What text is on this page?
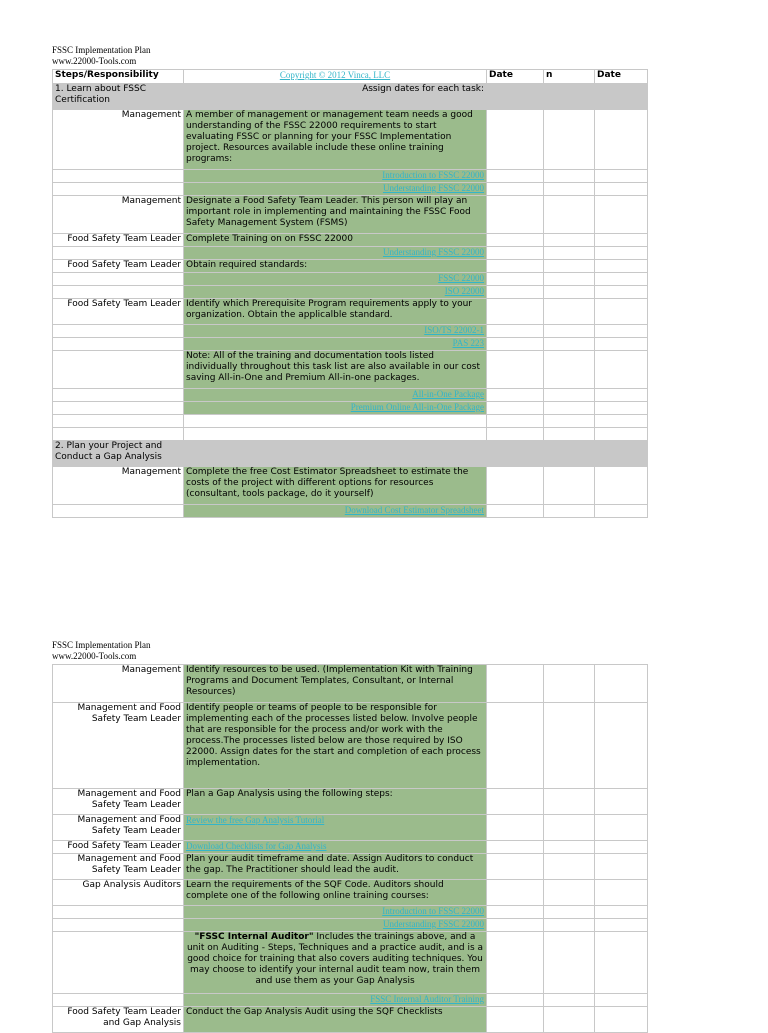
FSSC Implementation Plan
www.22000-Tools.com
Steps/Responsibility	Copyright © 2012 Vinca, LLC	Date	n	Date
1. Learn about FSSC Certification	Assign dates for each task:			
Management	A member of management or management team needs a good understanding of the FSSC 22000 requirements to start evaluating FSSC or planning for your FSSC Implementation project. Resources available include these online training programs:			
	Introduction to FSSC 22000			
	Understanding FSSC 22000			
Management	Designate a Food Safety Team Leader. This person will play an important role in implementing and maintaining the FSSC Food Safety Management System (FSMS)			
Food Safety Team Leader	Complete Training on on FSSC 22000			
	Understanding FSSC 22000			
Food Safety Team Leader	Obtain required standards:			
	FSSC 22000			
	ISO 22000			
Food Safety Team Leader	Identify which Prerequisite Program requirements apply to your organization. Obtain the applicalble standard.			
	ISO/TS 22002-1			
	PAS 223			
	Note: All of the training and documentation tools listed individually throughout this task list are also available in our cost saving All-in-One and Premium All-in-one packages.			
	All-in-One Package			
	Premium Online All-in-One Package			

2. Plan your Project and Conduct a Gap Analysis				
Management	Complete the free Cost Estimator Spreadsheet to estimate the costs of the project with different options for resources (consultant, tools package, do it yourself)			
	Download Cost Estimator Spreadsheet			
FSSC Implementation Plan
www.22000-Tools.com
Management	Identify resources to be used. (Implementation Kit with Training Programs and Document Templates, Consultant, or Internal Resources)			
Management and Food Safety Team Leader	Identify people or teams of people to be responsible for implementing each of the processes listed below. Involve people that are responsible for the process and/or work with the process.The processes listed below are those required by ISO 22000. Assign dates for the start and completion of each process implementation.			
Management and Food Safety Team Leader	Plan a Gap Analysis using the following steps:			
Management and Food Safety Team Leader	Review the free Gap Analysis Tutorial			
Food Safety Team Leader	Download Checklists for Gap Analysis			
Management and Food Safety Team Leader	Plan your audit timeframe and date. Assign Auditors to conduct the gap. The Practitioner should lead the audit.			
Gap Analysis Auditors	Learn the requirements of the SQF Code. Auditors should complete one of the following online training courses:			
	Introduction to FSSC 22000			
	Understanding FSSC 22000			
	"FSSC Internal Auditor" Includes the trainings above, and a unit on Auditing - Steps, Techniques and a practice audit, and is a good choice for training that also covers auditing techniques. You may choose to identify your internal audit team now, train them and use them as your Gap Analysis			
	FSSC Internal Auditor Training			
Food Safety Team Leader and Gap Analysis	Conduct the Gap Analysis Audit using the SQF Checklists			
